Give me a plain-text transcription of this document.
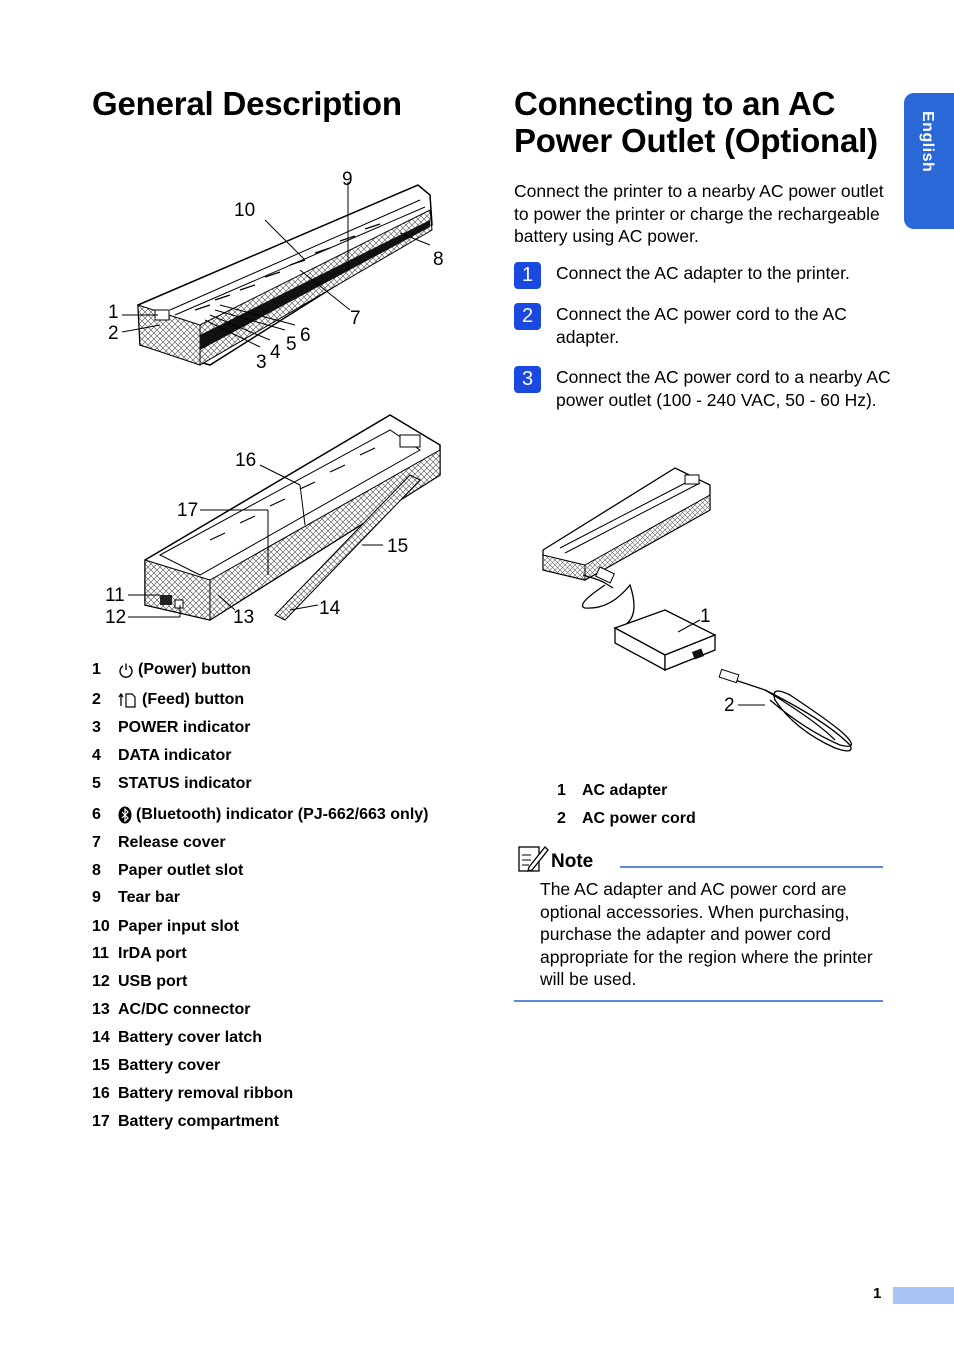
General Description
9
10
8
1
2
7
6
5
4
3
16
17
15
11
12	13	14
1	(Power) button
2	(Feed) button
3	POWER indicator
4	DATA indicator
5	STATUS indicator
6	(Bluetooth) indicator (PJ-662/663 only)
7	Release cover
8	Paper outlet slot
9	Tear bar
10 Paper input slot
11 IrDA port
12 USB port
13 AC/DC connector
14 Battery cover latch
15 Battery cover
16 Battery removal ribbon
17 Battery compartment
Connecting to an AC
Power Outlet (Optional)

Connect the printer to a nearby AC power outlet to power the printer or charge the rechargeable battery using AC power.

1	Connect the AC adapter to the printer.
2	Connect the AC power cord to the AC adapter.
3	Connect the AC power cord to a nearby AC power outlet (100 - 240 VAC, 50 - 60 Hz).
1
2
1	AC adapter
2	AC power cord
Note

The AC adapter and AC power cord are optional accessories. When purchasing, purchase the adapter and power cord appropriate for the region where the printer will be used.

English
1
